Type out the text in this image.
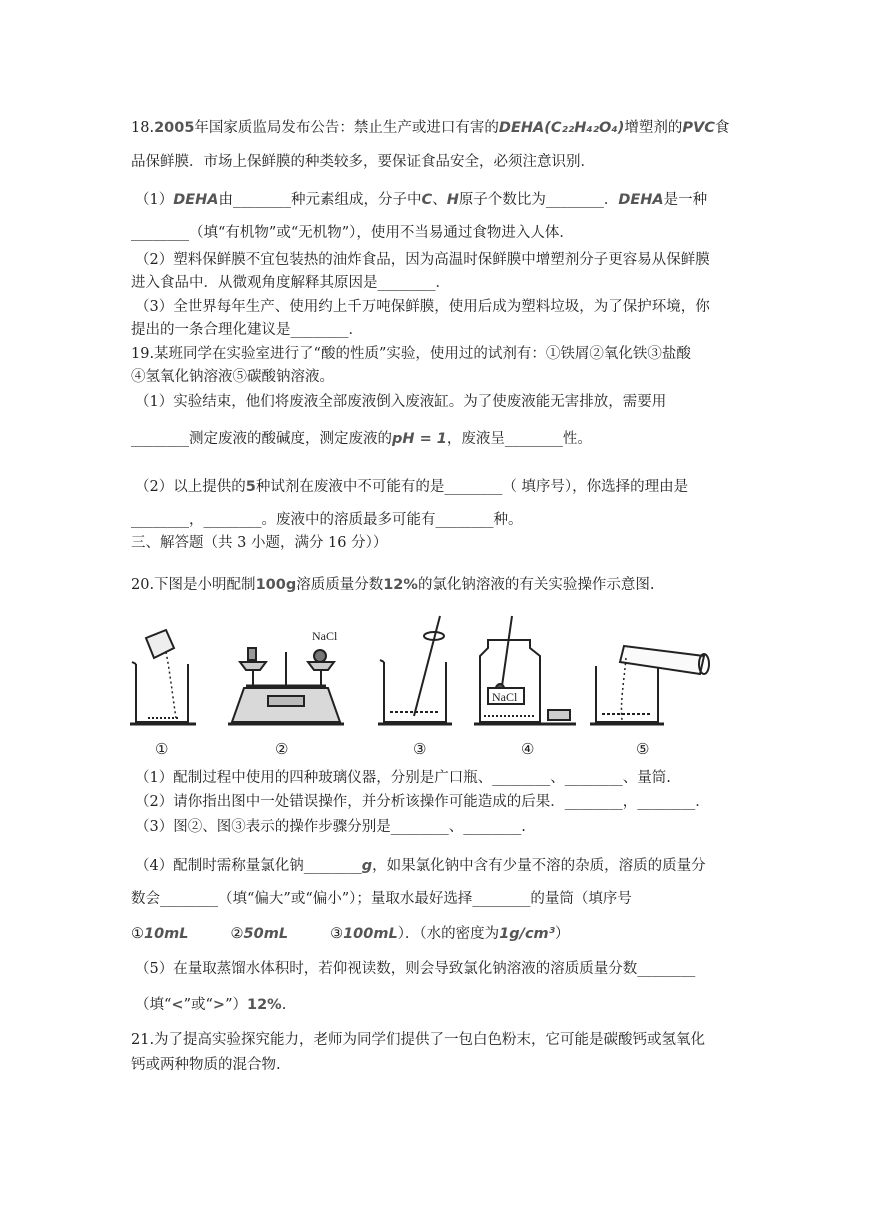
18.2005年国家质监局发布公告：禁止生产或进口有害的DEHA(C₂₂H₄₂O₄)增塑剂的PVC食
品保鲜膜．市场上保鲜膜的种类较多，要保证食品安全，必须注意识别．
（1）DEHA由________种元素组成，分子中C、H原子个数比为________．DEHA是一种
________（填“有机物”或“无机物”），使用不当易通过食物进入人体．
（2）塑料保鲜膜不宜包装热的油炸食品，因为高温时保鲜膜中增塑剂分子更容易从保鲜膜
进入食品中．从微观角度解释其原因是________．
（3）全世界每年生产、使用约上千万吨保鲜膜，使用后成为塑料垃圾，为了保护环境，你
提出的一条合理化建议是________．
19.某班同学在实验室进行了“酸的性质”实验，使用过的试剂有：①铁屑②氧化铁③盐酸
④氢氧化钠溶液⑤碳酸钠溶液。
（1）实验结束，他们将废液全部废液倒入废液缸。为了使废液能无害排放，需要用
________测定废液的酸碱度，测定废液的pH = 1，废液呈________性。
（2）以上提供的5种试剂在废液中不可能有的是________（ 填序号），你选择的理由是
________，________。废液中的溶质最多可能有________种。
三、解答题（共 3 小题，满分 16 分））
20.下图是小明配制100g溶质质量分数12%的氯化钠溶液的有关实验操作示意图.
NaCl
NaCl
①	②	③	④	⑤
（1）配制过程中使用的四种玻璃仪器，分别是广口瓶、________、________、量筒.
（2）请你指出图中一处错误操作，并分析该操作可能造成的后果．________，________．
（3）图②、图③表示的操作步骤分别是________、________.
（4）配制时需称量氯化钠________g，如果氯化钠中含有少量不溶的杂质，溶质的质量分
数会________（填“偏大”或“偏小”）；量取水最好选择________的量筒（填序号
①10mL	②50mL	③100mL）．（水的密度为1g/cm³）
（5）在量取蒸馏水体积时，若仰视读数，则会导致氯化钠溶液的溶质质量分数________
（填“<”或“>”）12%.
21.为了提高实验探究能力，老师为同学们提供了一包白色粉末，它可能是碳酸钙或氢氧化
钙或两种物质的混合物.
